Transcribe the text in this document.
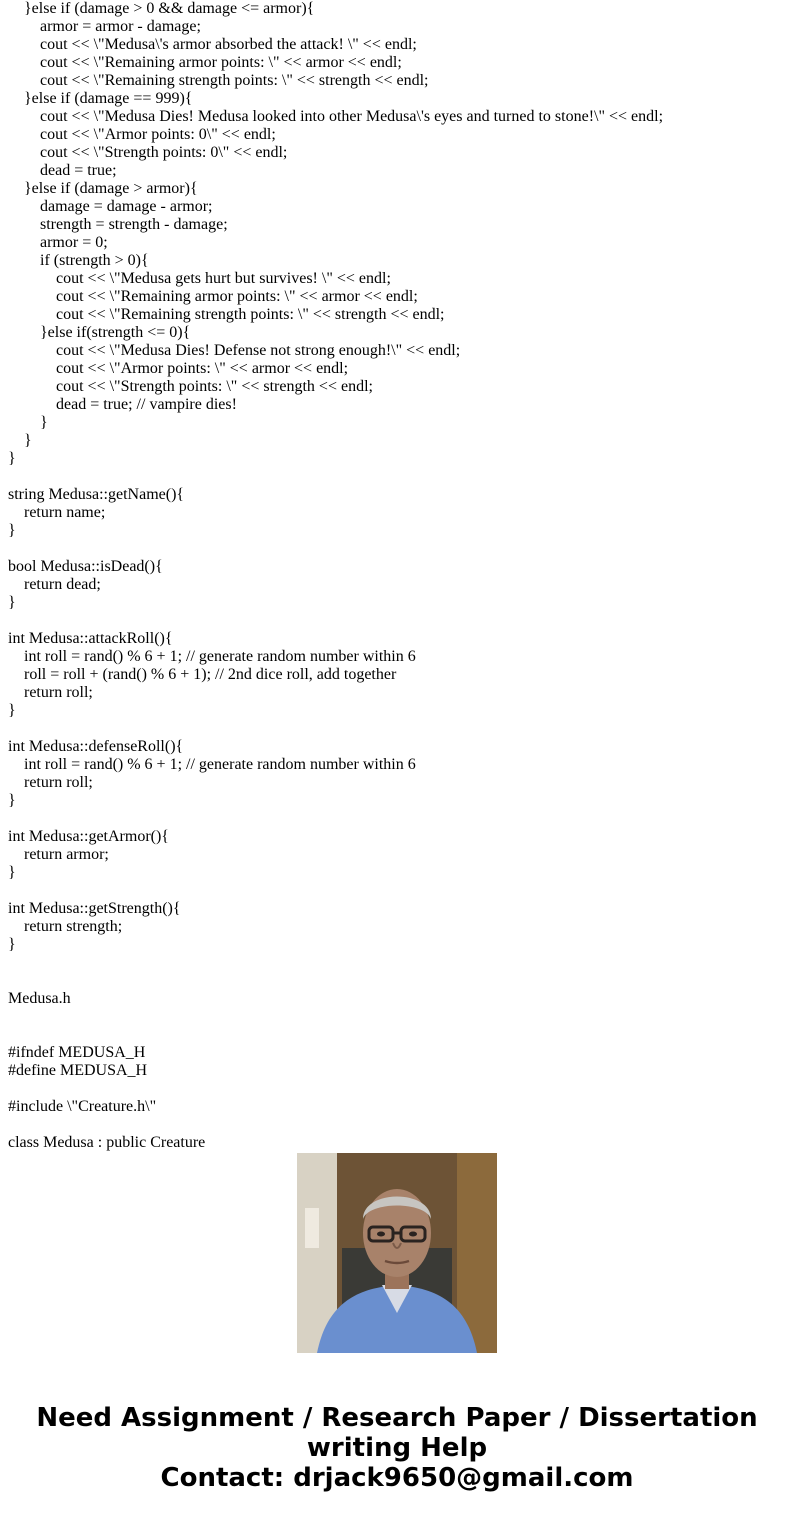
}else if (damage > 0 && damage <= armor){
armor = armor - damage;
cout << \"Medusa\'s armor absorbed the attack! \" << endl;
cout << \"Remaining armor points: \" << armor << endl;
cout << \"Remaining strength points: \" << strength << endl;
}else if (damage == 999){
cout << \"Medusa Dies! Medusa looked into other Medusa\'s eyes and turned to stone!\" << endl;
cout << \"Armor points: 0\" << endl;
cout << \"Strength points: 0\" << endl;
dead = true;
}else if (damage > armor){
damage = damage - armor;
strength = strength - damage;
armor = 0;
if (strength > 0){
cout << \"Medusa gets hurt but survives! \" << endl;
cout << \"Remaining armor points: \" << armor << endl;
cout << \"Remaining strength points: \" << strength << endl;
}else if(strength <= 0){
cout << \"Medusa Dies! Defense not strong enough!\" << endl;
cout << \"Armor points: \" << armor << endl;
cout << \"Strength points: \" << strength << endl;
dead = true; // vampire dies!
}
}
}
string Medusa::getName(){
return name;
}
bool Medusa::isDead(){
return dead;
}
int Medusa::attackRoll(){
int roll = rand() % 6 + 1; // generate random number within 6
roll = roll + (rand() % 6 + 1); // 2nd dice roll, add together
return roll;
}
int Medusa::defenseRoll(){
int roll = rand() % 6 + 1; // generate random number within 6
return roll;
}
int Medusa::getArmor(){
return armor;
}
int Medusa::getStrength(){
return strength;
}
Medusa.h
#ifndef MEDUSA_H
#define MEDUSA_H
#include \"Creature.h\"
class Medusa : public Creature
Need Assignment / Research Paper / Dissertation
writing Help
Contact: drjack9650@gmail.com
